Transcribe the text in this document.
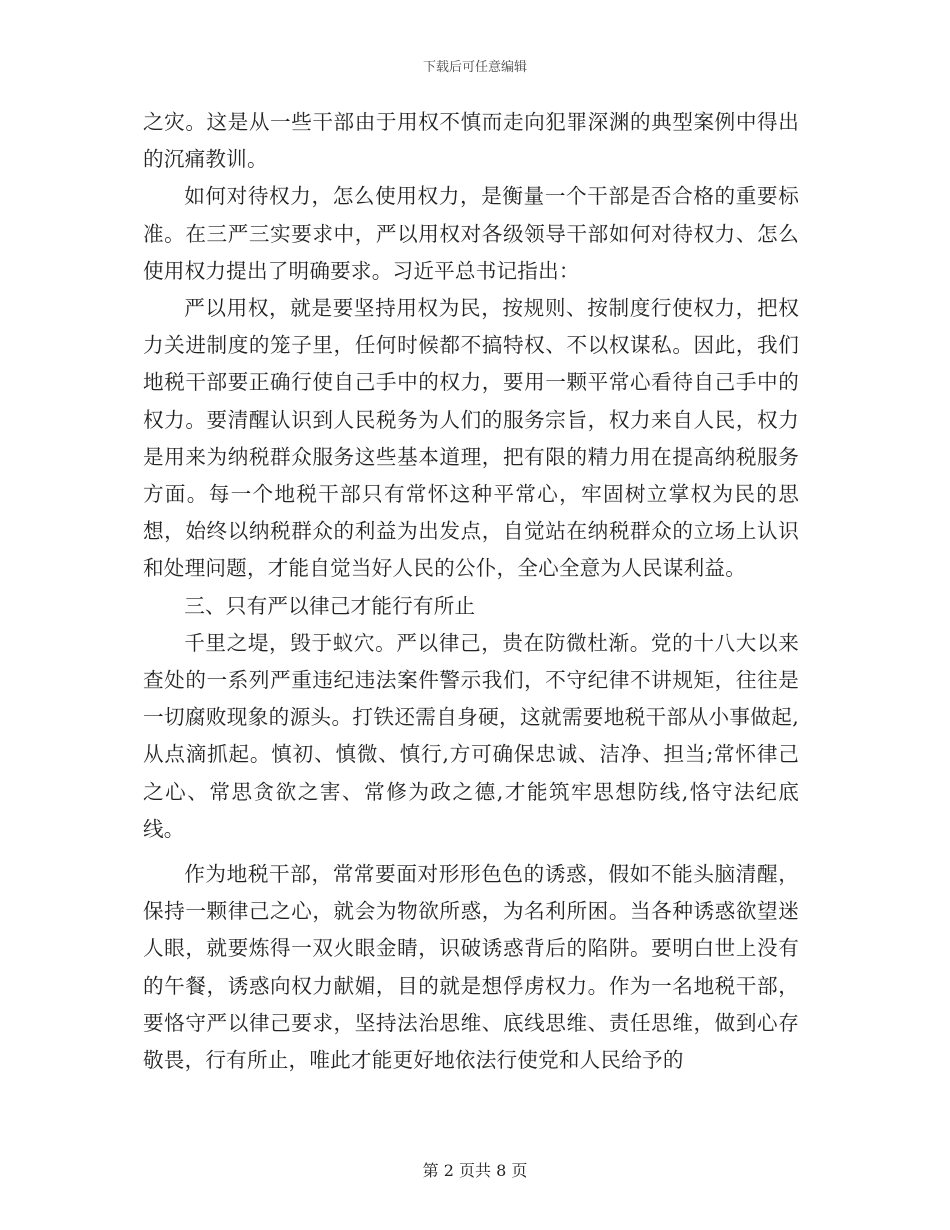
下载后可任意编辑

之灾。这是从一些干部由于用权不慎而走向犯罪深渊的典型案例中得出的沉痛教训。

如何对待权力，怎么使用权力，是衡量一个干部是否合格的重要标准。在三严三实要求中，严以用权对各级领导干部如何对待权力、怎么使用权力提出了明确要求。习近平总书记指出：

严以用权，就是要坚持用权为民，按规则、按制度行使权力，把权力关进制度的笼子里，任何时候都不搞特权、不以权谋私。因此，我们地税干部要正确行使自己手中的权力，要用一颗平常心看待自己手中的权力。要清醒认识到人民税务为人们的服务宗旨，权力来自人民，权力是用来为纳税群众服务这些基本道理，把有限的精力用在提高纳税服务方面。每一个地税干部只有常怀这种平常心，牢固树立掌权为民的思想，始终以纳税群众的利益为出发点，自觉站在纳税群众的立场上认识和处理问题，才能自觉当好人民的公仆，全心全意为人民谋利益。

三、只有严以律己才能行有所止

千里之堤，毁于蚁穴。严以律己，贵在防微杜渐。党的十八大以来查处的一系列严重违纪违法案件警示我们，不守纪律不讲规矩，往往是一切腐败现象的源头。打铁还需自身硬，这就需要地税干部从小事做起,从点滴抓起。慎初、慎微、慎行,方可确保忠诚、洁净、担当;常怀律己之心、常思贪欲之害、常修为政之德,才能筑牢思想防线,恪守法纪底线。

作为地税干部，常常要面对形形色色的诱惑，假如不能头脑清醒，保持一颗律己之心，就会为物欲所惑，为名利所困。当各种诱惑欲望迷人眼，就要炼得一双火眼金睛，识破诱惑背后的陷阱。要明白世上没有的午餐，诱惑向权力献媚，目的就是想俘虏权力。作为一名地税干部，要恪守严以律己要求，坚持法治思维、底线思维、责任思维，做到心存敬畏，行有所止，唯此才能更好地依法行使党和人民给予的

第 2 页共 8 页
